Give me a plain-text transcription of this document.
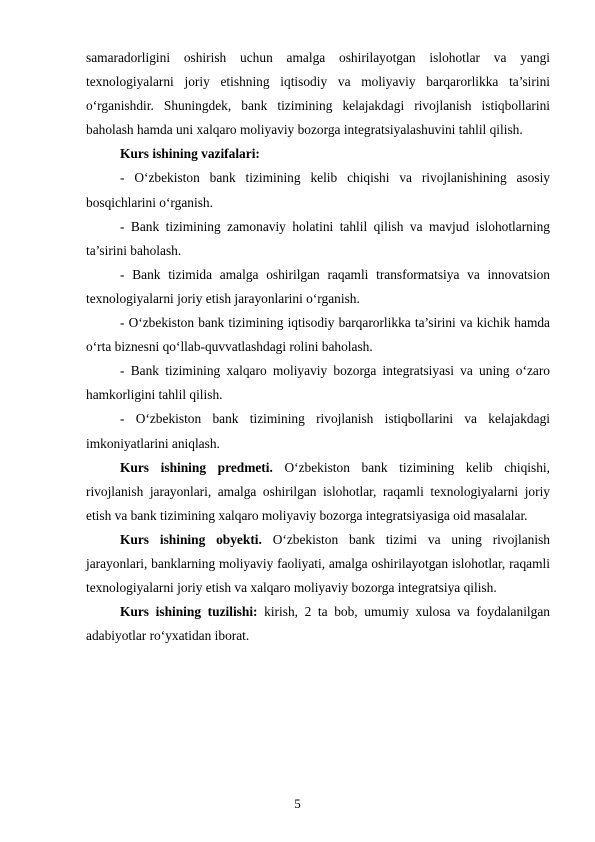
samaradorligini oshirish uchun amalga oshirilayotgan islohotlar va yangi texnologiyalarni joriy etishning iqtisodiy va moliyaviy barqarorlikka ta’sirini o‘rganishdir. Shuningdek, bank tizimining kelajakdagi rivojlanish istiqbollarini baholash hamda uni xalqaro moliyaviy bozorga integratsiyalashuvini tahlil qilish.

Kurs ishining vazifalari:

- O‘zbekiston bank tizimining kelib chiqishi va rivojlanishining asosiy bosqichlarini o‘rganish.

- Bank tizimining zamonaviy holatini tahlil qilish va mavjud islohotlarning ta’sirini baholash.

- Bank tizimida amalga oshirilgan raqamli transformatsiya va innovatsion texnologiyalarni joriy etish jarayonlarini o‘rganish.

- O‘zbekiston bank tizimining iqtisodiy barqarorlikka ta’sirini va kichik hamda o‘rta biznesni qo‘llab-quvvatlashdagi rolini baholash.

- Bank tizimining xalqaro moliyaviy bozorga integratsiyasi va uning o‘zaro hamkorligini tahlil qilish.

- O‘zbekiston bank tizimining rivojlanish istiqbollarini va kelajakdagi imkoniyatlarini aniqlash.

Kurs ishining predmeti. O‘zbekiston bank tizimining kelib chiqishi, rivojlanish jarayonlari, amalga oshirilgan islohotlar, raqamli texnologiyalarni joriy etish va bank tizimining xalqaro moliyaviy bozorga integratsiyasiga oid masalalar.

Kurs ishining obyekti. O‘zbekiston bank tizimi va uning rivojlanish jarayonlari, banklarning moliyaviy faoliyati, amalga oshirilayotgan islohotlar, raqamli texnologiyalarni joriy etish va xalqaro moliyaviy bozorga integratsiya qilish.

Kurs ishining tuzilishi: kirish, 2 ta bob, umumiy xulosa va foydalanilgan adabiyotlar ro‘yxatidan iborat.

5
